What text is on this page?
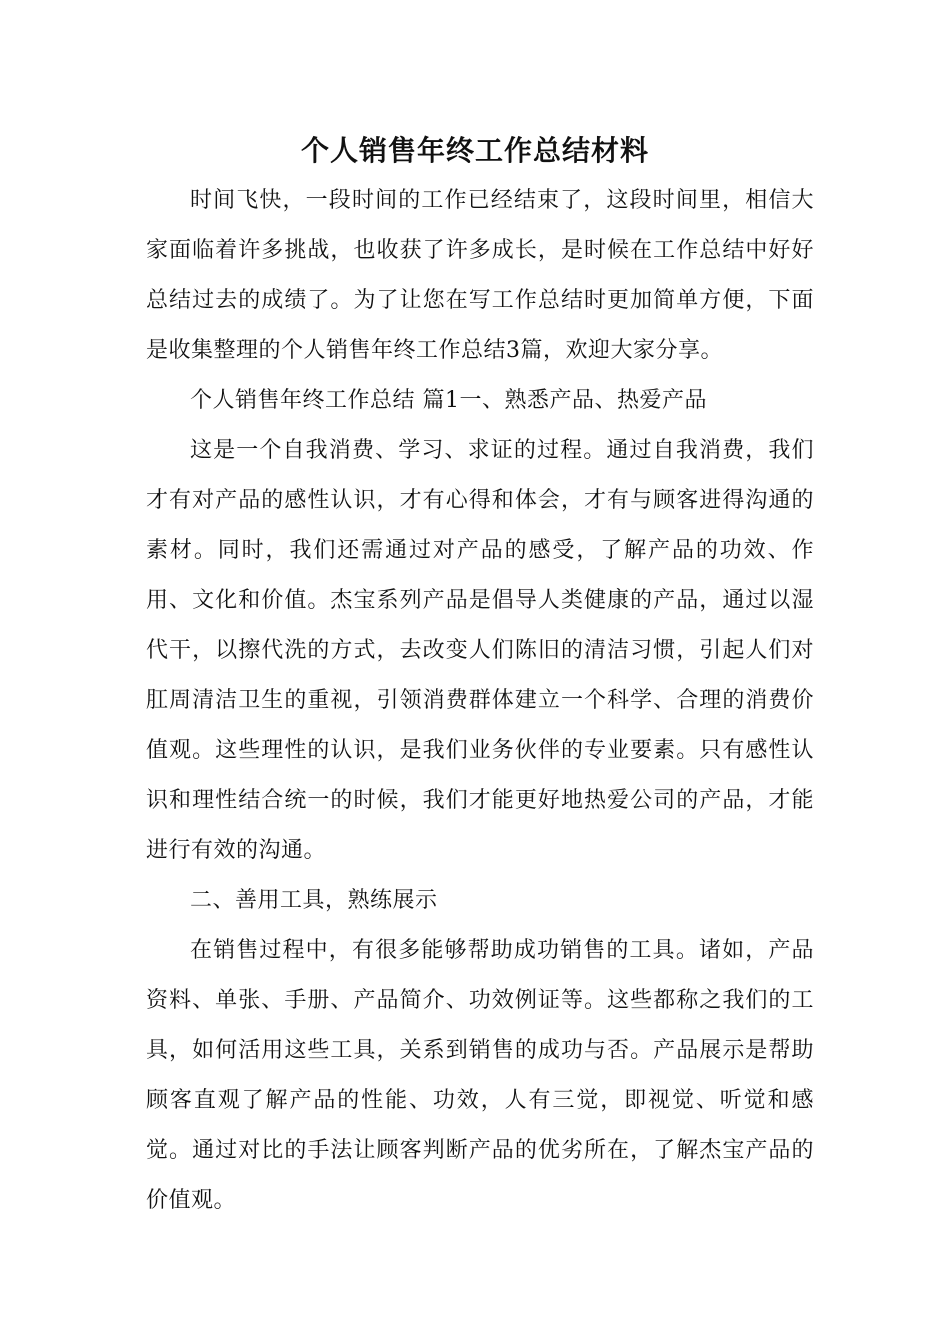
个人销售年终工作总结材料

时间飞快，一段时间的工作已经结束了，这段时间里，相信大家面临着许多挑战，也收获了许多成长，是时候在工作总结中好好总结过去的成绩了。为了让您在写工作总结时更加简单方便，下面是收集整理的个人销售年终工作总结3篇，欢迎大家分享。

个人销售年终工作总结 篇1一、熟悉产品、热爱产品

这是一个自我消费、学习、求证的过程。通过自我消费，我们才有对产品的感性认识，才有心得和体会，才有与顾客进得沟通的素材。同时，我们还需通过对产品的感受，了解产品的功效、作用、文化和价值。杰宝系列产品是倡导人类健康的产品，通过以湿代干，以擦代洗的方式，去改变人们陈旧的清洁习惯，引起人们对肛周清洁卫生的重视，引领消费群体建立一个科学、合理的消费价值观。这些理性的认识，是我们业务伙伴的专业要素。只有感性认识和理性结合统一的时候，我们才能更好地热爱公司的产品，才能进行有效的沟通。

二、善用工具，熟练展示

在销售过程中，有很多能够帮助成功销售的工具。诸如，产品资料、单张、手册、产品简介、功效例证等。这些都称之我们的工具，如何活用这些工具，关系到销售的成功与否。产品展示是帮助顾客直观了解产品的性能、功效，人有三觉，即视觉、听觉和感觉。通过对比的手法让顾客判断产品的优劣所在，了解杰宝产品的价值观。
